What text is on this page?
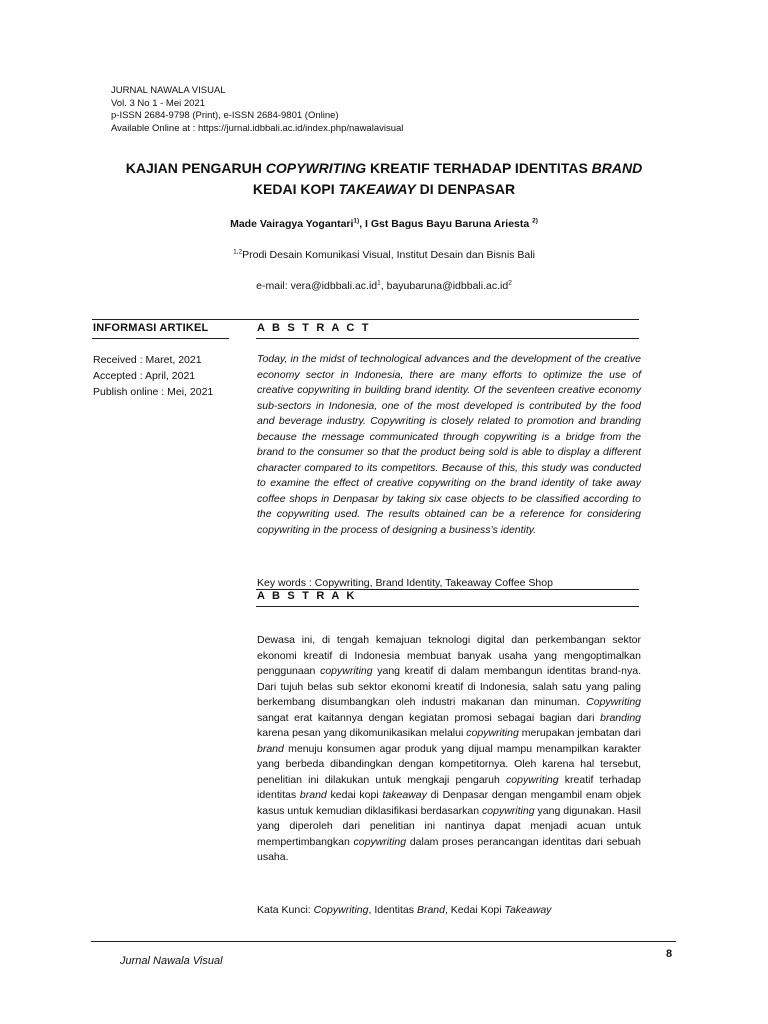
JURNAL NAWALA VISUAL
Vol. 3 No 1 - Mei 2021
p-ISSN 2684-9798 (Print), e-ISSN 2684-9801 (Online)
Available Online at : https://jurnal.idbbali.ac.id/index.php/nawalavisual
KAJIAN PENGARUH COPYWRITING KREATIF TERHADAP IDENTITAS BRAND
KEDAI KOPI TAKEAWAY DI DENPASAR
Made Vairagya Yogantari$^{1)}$, I Gst Bagus Bayu Baruna Ariesta $^{2)}$
$^{1,2}$Prodi Desain Komunikasi Visual, Institut Desain dan Bisnis Bali
e-mail: $vera@idbbali.ac.id^1$, $bayubaruna@idbbali.ac.id^2$
INFORMASI ARTIKEL	A B S T R A C T
Received : Maret, 2021
Accepted : April, 2021
Publish online : Mei, 2021
Today, in the midst of technological advances and the development of the creative economy sector in Indonesia, there are many efforts to optimize the use of creative copywriting in building brand identity. Of the seventeen creative economy sub-sectors in Indonesia, one of the most developed is contributed by the food and beverage industry. Copywriting is closely related to promotion and branding because the message communicated through copywriting is a bridge from the brand to the consumer so that the product being sold is able to display a different character compared to its competitors. Because of this, this study was conducted to examine the effect of creative copywriting on the brand identity of take away coffee shops in Denpasar by taking six case objects to be classified according to the copywriting used. The results obtained can be a reference for considering copywriting in the process of designing a business’s identity.
Key words : Copywriting, Brand Identity, Takeaway Coffee Shop
A B S T R A K
Dewasa ini, di tengah kemajuan teknologi digital dan perkembangan sektor ekonomi kreatif di Indonesia membuat banyak usaha yang mengoptimalkan penggunaan copywriting yang kreatif di dalam membangun identitas brand-nya. Dari tujuh belas sub sektor ekonomi kreatif di Indonesia, salah satu yang paling berkembang disumbangkan oleh industri makanan dan minuman. Copywriting sangat erat kaitannya dengan kegiatan promosi sebagai bagian dari branding karena pesan yang dikomunikasikan melalui copywriting merupakan jembatan dari brand menuju konsumen agar produk yang dijual mampu menampilkan karakter yang berbeda dibandingkan dengan kompetitornya. Oleh karena hal tersebut, penelitian ini dilakukan untuk mengkaji pengaruh copywriting kreatif terhadap identitas brand kedai kopi takeaway di Denpasar dengan mengambil enam objek kasus untuk kemudian diklasifikasi berdasarkan copywriting yang digunakan. Hasil yang diperoleh dari penelitian ini nantinya dapat menjadi acuan untuk mempertimbangkan copywriting dalam proses perancangan identitas dari sebuah usaha.
Kata Kunci: Copywriting, Identitas Brand, Kedai Kopi Takeaway
Jurnal Nawala Visual
8
